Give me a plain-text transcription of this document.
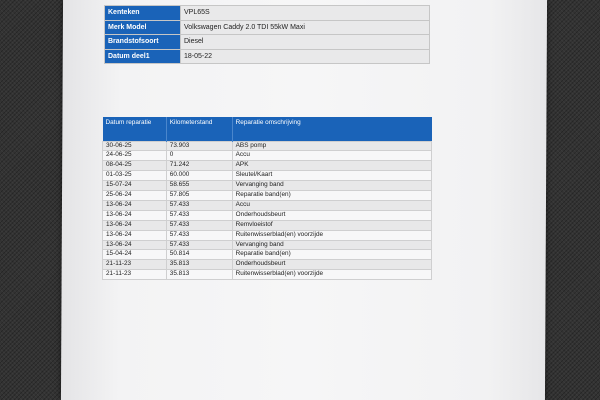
Kenteken	VPL65S
Merk Model	Volkswagen Caddy 2.0 TDI 55kW Maxi
Brandstofsoort	Diesel
Datum deel1	18-05-22
Datum reparatie	Kilometerstand	Reparatie omschrijving
30-06-25	73.903	ABS pomp
24-06-25	0	Accu
08-04-25	71.242	APK
01-03-25	60.000	Sleutel/Kaart
15-07-24	58.655	Vervanging band
25-06-24	57.805	Reparatie band(en)
13-06-24	57.433	Accu
13-06-24	57.433	Onderhoudsbeurt
13-06-24	57.433	Remvloeistof
13-06-24	57.433	Ruitenwisserblad(en) voorzijde
13-06-24	57.433	Vervanging band
15-04-24	50.814	Reparatie band(en)
21-11-23	35.813	Onderhoudsbeurt
21-11-23	35.813	Ruitenwisserblad(en) voorzijde
